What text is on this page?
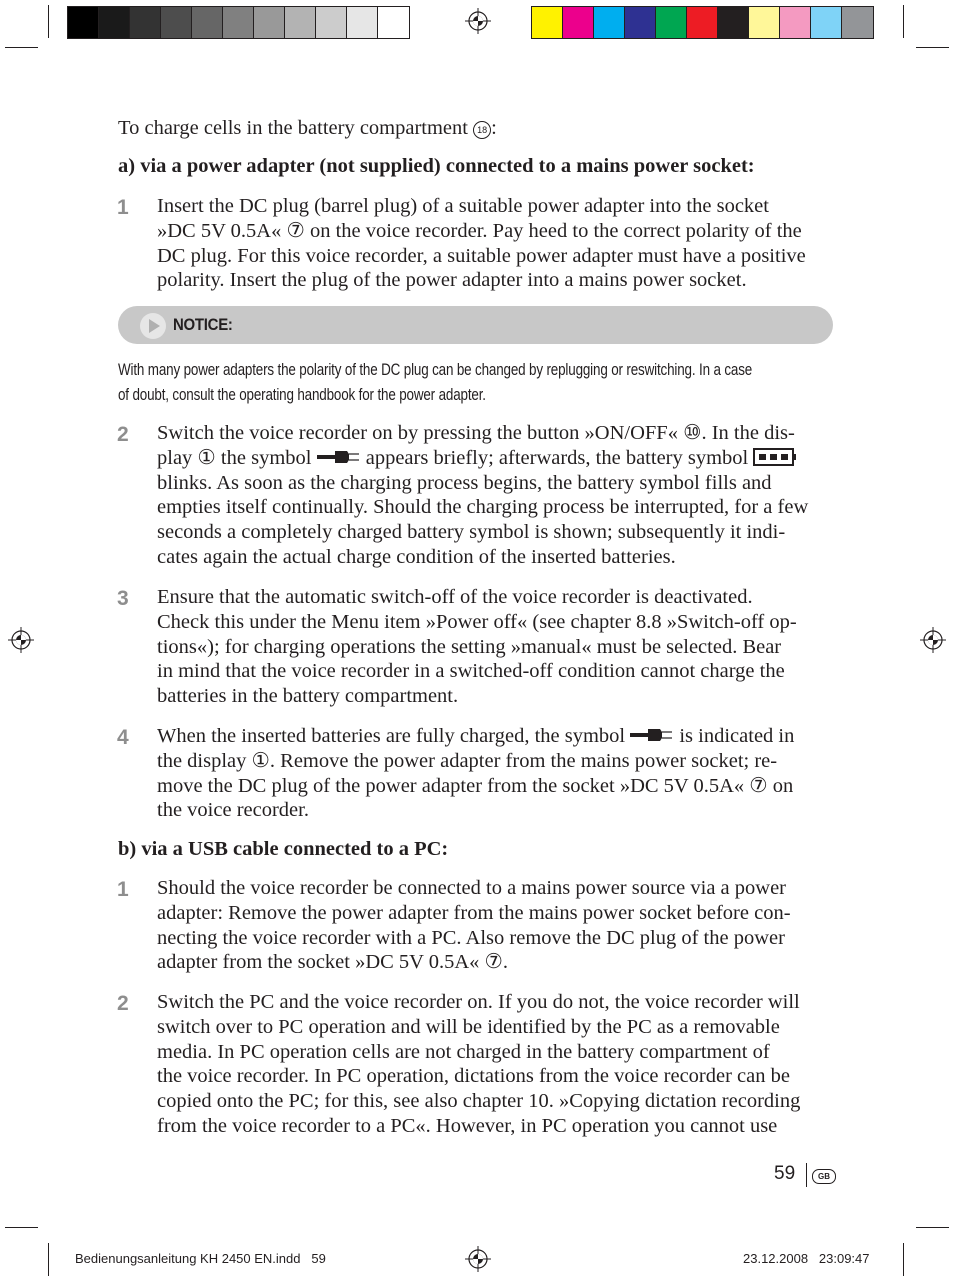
To charge cells in the battery compartment 18 :
a) via a power adapter (not supplied) connected to a mains power socket:
1 Insert the DC plug (barrel plug) of a suitable power adapter into the socket
»DC 5V 0.5A« ⑦ on the voice recorder. Pay heed to the correct polarity of the
DC plug. For this voice recorder, a suitable power adapter must have a positive
polarity. Insert the plug of the power adapter into a mains power socket.
NOTICE:
With many power adapters the polarity of the DC plug can be changed by replugging or reswitching. In a case
of doubt, consult the operating handbook for the power adapter.
2 Switch the voice recorder on by pressing the button »ON/OFF« ⑩. In the dis-
play ① the symbol	appears briefly; afterwards, the battery symbol
blinks. As soon as the charging process begins, the battery symbol fills and
empties itself continually. Should the charging process be interrupted, for a few
seconds a completely charged battery symbol is shown; subsequently it indi-
cates again the actual charge condition of the inserted batteries.
3 Ensure that the automatic switch-off of the voice recorder is deactivated.
Check this under the Menu item »Power off« (see chapter 8.8 »Switch-off op-
tions«); for charging operations the setting »manual« must be selected. Bear
in mind that the voice recorder in a switched-off condition cannot charge the
batteries in the battery compartment.
4 When the inserted batteries are fully charged, the symbol	is indicated in
the display ①. Remove the power adapter from the mains power socket; re-
move the DC plug of the power adapter from the socket »DC 5V 0.5A« ⑦ on
the voice recorder.
b) via a USB cable connected to a PC:
1 Should the voice recorder be connected to a mains power source via a power
adapter: Remove the power adapter from the mains power socket before con-
necting the voice recorder with a PC. Also remove the DC plug of the power
adapter from the socket »DC 5V 0.5A« ⑦.
2 Switch the PC and the voice recorder on. If you do not, the voice recorder will
switch over to PC operation and will be identified by the PC as a removable
media. In PC operation cells are not charged in the battery compartment of
the voice recorder. In PC operation, dictations from the voice recorder can be
copied onto the PC; for this, see also chapter 10. »Copying dictation recording
from the voice recorder to a PC«. However, in PC operation you cannot use
59	GB
Bedienungsanleitung KH 2450 EN.indd   59	23.12.2008   23:09:47
